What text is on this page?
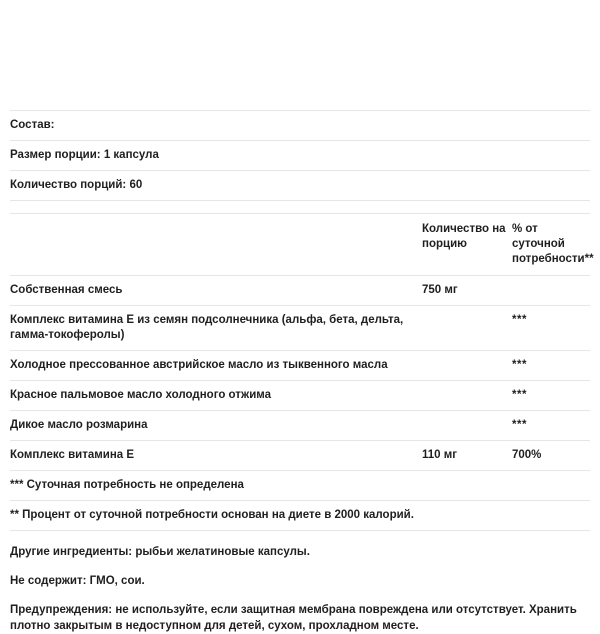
Состав:		
Размер порции: 1 капсула		
Количество порций: 60		

	Количество на порцию	% от суточной потребности**
Собственная смесь	750 мг	
Комплекс витамина Е из семян подсолнечника (альфа, бета, дельта, гамма-токоферолы)		***
Холодное прессованное австрийское масло из тыквенного масла		***
Красное пальмовое масло холодного отжима		***
Дикое масло розмарина		***
Комплекс витамина Е	110 мг	700%
*** Суточная потребность не определена		
** Процент от суточной потребности основан на диете в 2000 калорий.		

Другие ингредиенты: рыбьи желатиновые капсулы.

Не содержит: ГМО, сои.

Предупреждения: не используйте, если защитная мембрана повреждена или отсутствует. Хранить плотно закрытым в недоступном для детей, сухом, прохладном месте.
